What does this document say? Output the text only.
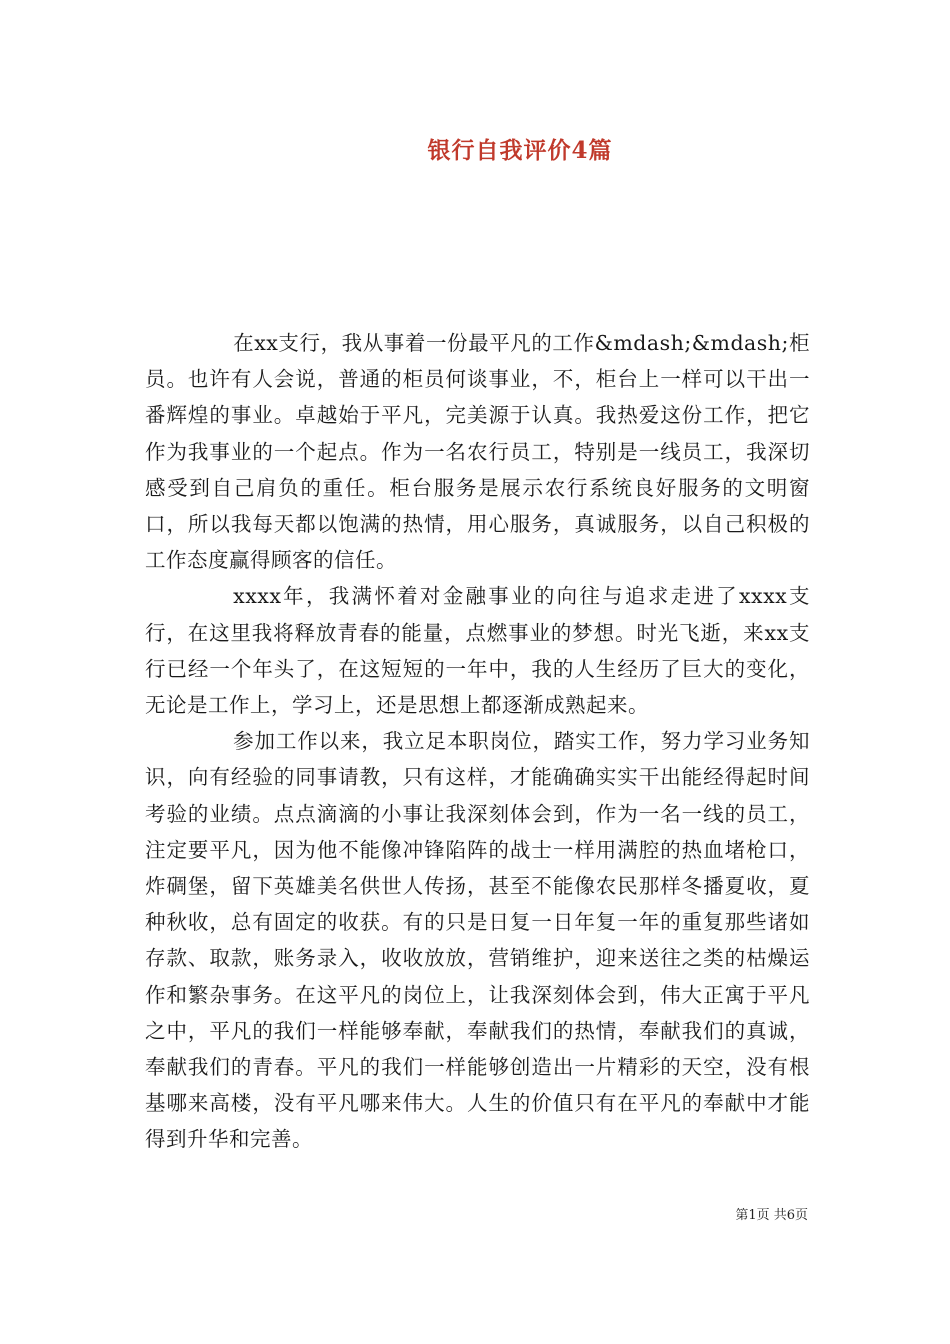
银行自我评价4篇

在xx支行，我从事着一份最平凡的工作&mdash;&mdash;柜员。也许有人会说，普通的柜员何谈事业，不，柜台上一样可以干出一番辉煌的事业。卓越始于平凡，完美源于认真。我热爱这份工作，把它作为我事业的一个起点。作为一名农行员工，特别是一线员工，我深切感受到自己肩负的重任。柜台服务是展示农行系统良好服务的文明窗口，所以我每天都以饱满的热情，用心服务，真诚服务，以自己积极的工作态度赢得顾客的信任。

xxxx年，我满怀着对金融事业的向往与追求走进了xxxx支行，在这里我将释放青春的能量，点燃事业的梦想。时光飞逝，来xx支行已经一个年头了，在这短短的一年中，我的人生经历了巨大的变化，无论是工作上，学习上，还是思想上都逐渐成熟起来。

参加工作以来，我立足本职岗位，踏实工作，努力学习业务知识，向有经验的同事请教，只有这样，才能确确实实干出能经得起时间考验的业绩。点点滴滴的小事让我深刻体会到，作为一名一线的员工，注定要平凡，因为他不能像冲锋陷阵的战士一样用满腔的热血堵枪口，炸碉堡，留下英雄美名供世人传扬，甚至不能像农民那样冬播夏收，夏种秋收，总有固定的收获。有的只是日复一日年复一年的重复那些诸如存款、取款，账务录入，收收放放，营销维护，迎来送往之类的枯燥运作和繁杂事务。在这平凡的岗位上，让我深刻体会到，伟大正寓于平凡之中，平凡的我们一样能够奉献，奉献我们的热情，奉献我们的真诚，奉献我们的青春。平凡的我们一样能够创造出一片精彩的天空，没有根基哪来高楼，没有平凡哪来伟大。人生的价值只有在平凡的奉献中才能得到升华和完善。

第1页 共6页
